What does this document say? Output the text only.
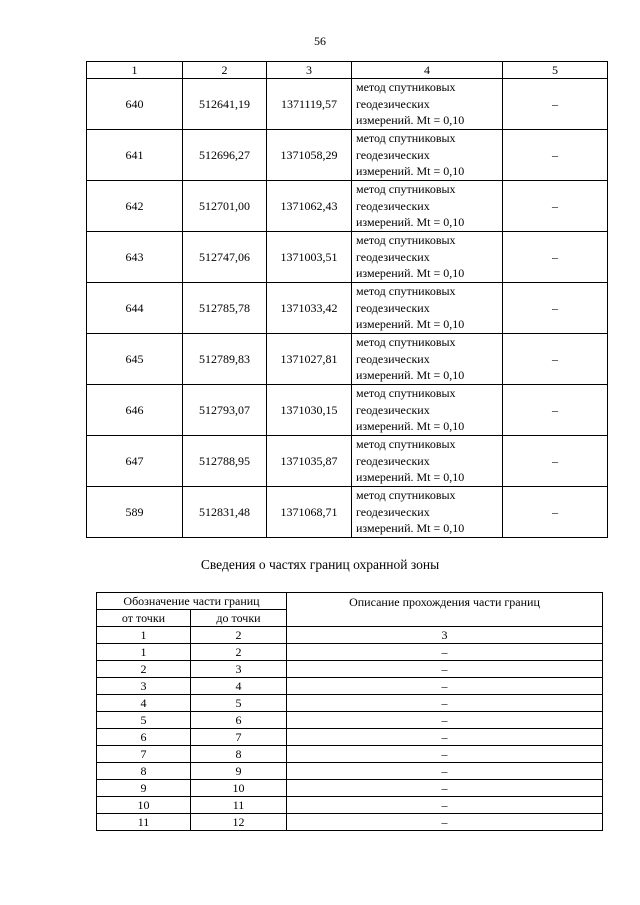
56
1	2	3	4	5
640	512641,19	1371119,57	метод спутниковых
геодезических
измерений. Mt = 0,10	–
641	512696,27	1371058,29	метод спутниковых
геодезических
измерений. Mt = 0,10	–
642	512701,00	1371062,43	метод спутниковых
геодезических
измерений. Mt = 0,10	–
643	512747,06	1371003,51	метод спутниковых
геодезических
измерений. Mt = 0,10	–
644	512785,78	1371033,42	метод спутниковых
геодезических
измерений. Mt = 0,10	–
645	512789,83	1371027,81	метод спутниковых
геодезических
измерений. Mt = 0,10	–
646	512793,07	1371030,15	метод спутниковых
геодезических
измерений. Mt = 0,10	–
647	512788,95	1371035,87	метод спутниковых
геодезических
измерений. Mt = 0,10	–
589	512831,48	1371068,71	метод спутниковых
геодезических
измерений. Mt = 0,10	–
Сведения о частях границ охранной зоны
Обозначение части границ		Описание прохождения части границ
от точки	до точки	
1	2	3
1	2	–
2	3	–
3	4	–
4	5	–
5	6	–
6	7	–
7	8	–
8	9	–
9	10	–
10	11	–
11	12	–
